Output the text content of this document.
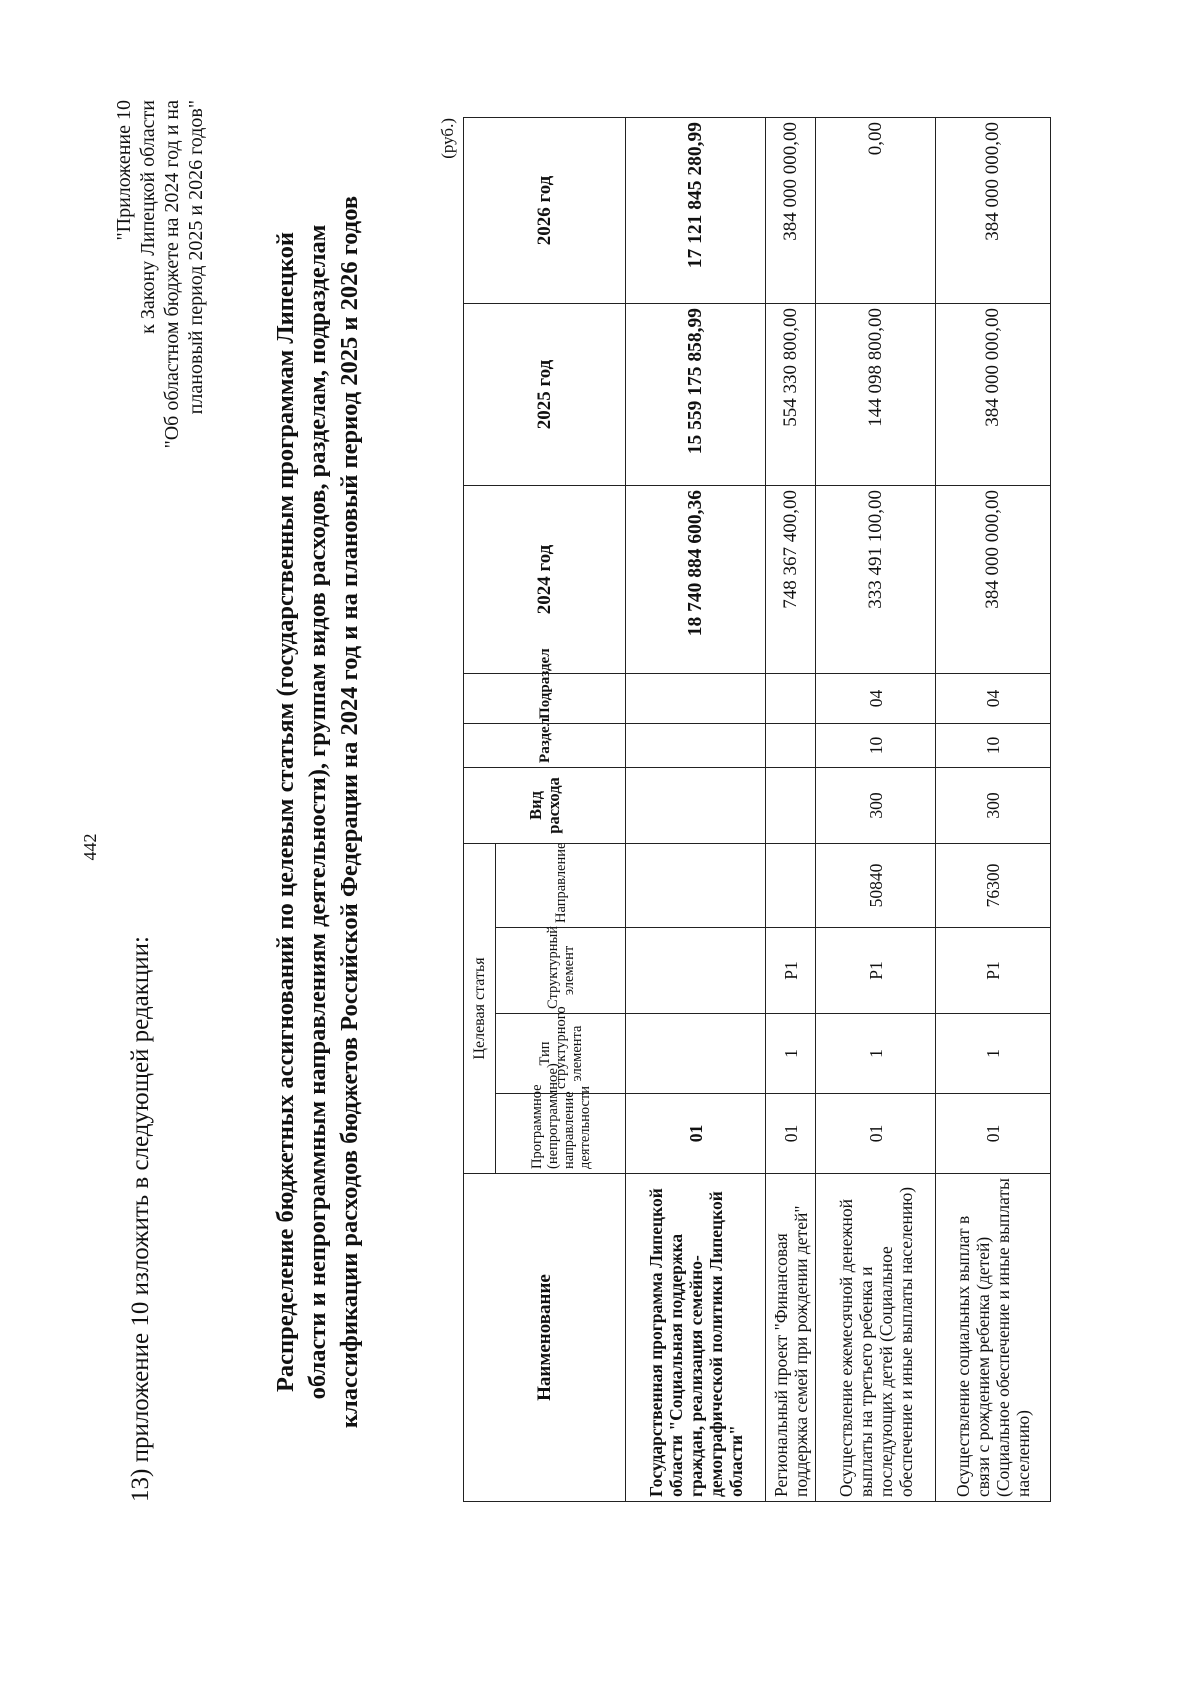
442
13) приложение 10 изложить в следующей редакции:
"Приложение 10 к Закону Липецкой области "Об областном бюджете на 2024 год и на плановый период 2025 и 2026 годов"	Распределение бюджетных ассигнований по целевым статьям (государственным программам Липецкой области и непрограммным направлениям деятельности), группам видов расходов, разделам, подразделам классификации расходов бюджетов Российской Федерации на 2024 год и на плановый период 2025 и 2026 годов
(руб.)
Наименование	Целевая статья				Вид расхода	Раздел	Подраздел	2024 год	2025 год	2026 год
	Программное (непрограммное) направление деятельности	Тип структурного элемента	Структурный элемент	Направление						
Государственная программа Липецкой области "Социальная поддержка граждан, реализация семейно-демографической политики Липецкой области"	01							18 740 884 600,36	15 559 175 858,99	17 121 845 280,99
Региональный проект "Финансовая поддержка семей при рождении детей"	01	1	P1					748 367 400,00	554 330 800,00	384 000 000,00
Осуществление ежемесячной денежной выплаты на третьего ребенка и последующих детей (Социальное обеспечение и иные выплаты населению)	01	1	P1	50840	300	10	04	333 491 100,00	144 098 800,00	0,00
Осуществление социальных выплат в связи с рождением ребенка (детей) (Социальное обеспечение и иные выплаты населению)	01	1	P1	76300	300	10	04	384 000 000,00	384 000 000,00	384 000 000,00
